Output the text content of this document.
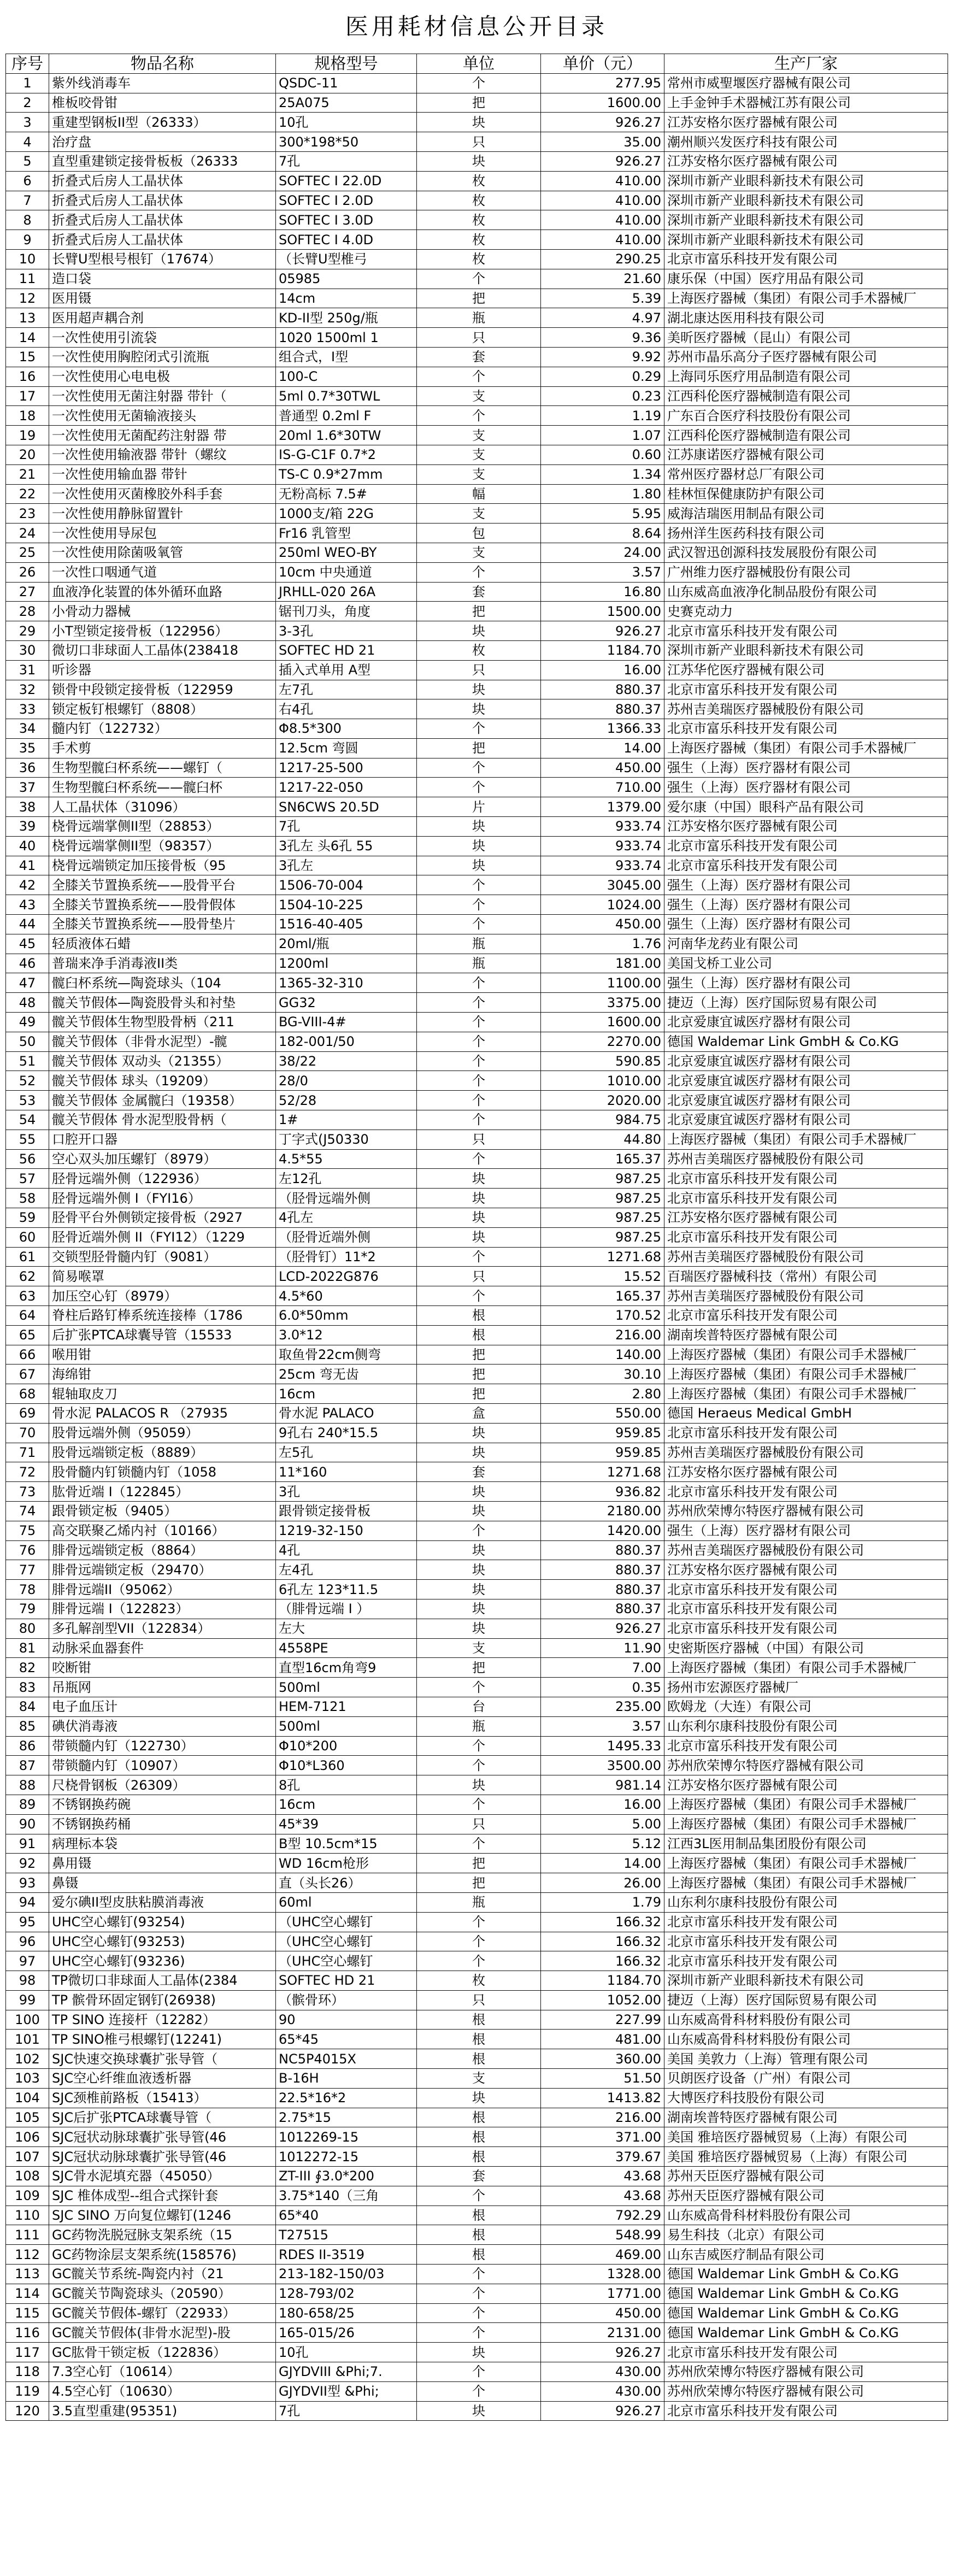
医用耗材信息公开目录
序号	物品名称	规格型号	单位	单价（元）	生产厂家
1	紫外线消毒车	QSDC-11	个	277.95	常州市威聖堰医疗器械有限公司
2	椎板咬骨钳	25A075	把	1600.00	上手金钟手术器械江苏有限公司
3	重建型钢板II型（26333）	10孔	块	926.27	江苏安格尔医疗器械有限公司
4	治疗盘	300*198*50	只	35.00	潮州顺兴发医疗科技有限公司
5	直型重建锁定接骨板板（26333	7孔	块	926.27	江苏安格尔医疗器械有限公司
6	折叠式后房人工晶状体	SOFTEC I 22.0D	枚	410.00	深圳市新产业眼科新技术有限公司
7	折叠式后房人工晶状体	SOFTEC I 2.0D	枚	410.00	深圳市新产业眼科新技术有限公司
8	折叠式后房人工晶状体	SOFTEC I 3.0D	枚	410.00	深圳市新产业眼科新技术有限公司
9	折叠式后房人工晶状体	SOFTEC I 4.0D	枚	410.00	深圳市新产业眼科新技术有限公司
10	长臂U型根号根钉（17674）	（长臂U型椎弓	枚	290.25	北京市富乐科技开发有限公司
11	造口袋	05985	个	21.60	康乐保（中国）医疗用品有限公司
12	医用镊	14cm	把	5.39	上海医疗器械（集团）有限公司手术器械厂
13	医用超声耦合剂	KD-II型 250g/瓶	瓶	4.97	湖北康达医用科技有限公司
14	一次性使用引流袋	1020 1500ml 1	只	9.36	美昕医疗器械（昆山）有限公司
15	一次性使用胸腔闭式引流瓶	组合式，I型	套	9.92	苏州市晶乐高分子医疗器械有限公司
16	一次性使用心电电极	100-C	个	0.29	上海同乐医疗用品制造有限公司
17	一次性使用无菌注射器 带针（	5ml 0.7*30TWL	支	0.23	江西科伦医疗器械制造有限公司
18	一次性使用无菌输液接头	普通型 0.2ml F	个	1.19	广东百合医疗科技股份有限公司
19	一次性使用无菌配药注射器 带	20ml 1.6*30TW	支	1.07	江西科伦医疗器械制造有限公司
20	一次性使用输液器 带针（螺纹	IS-G-C1F 0.7*2	支	0.60	江苏康诺医疗器械有限公司
21	一次性使用输血器 带针	TS-C 0.9*27mm	支	1.34	常州医疗器材总厂有限公司
22	一次性使用灭菌橡胶外科手套	无粉高标 7.5#	幅	1.80	桂林恒保健康防护有限公司
23	一次性使用静脉留置针	1000支/箱 22G	支	5.95	威海洁瑞医用制品有限公司
24	一次性使用导尿包	Fr16 乳管型	包	8.64	扬州洋生医药科技有限公司
25	一次性使用除菌吸氧管	250ml WEO-BY	支	24.00	武汉智迅创源科技发展股份有限公司
26	一次性口咽通气道	10cm 中央通道	个	3.57	广州维力医疗器械股份有限公司
27	血液净化装置的体外循环血路	JRHLL-020 26A	套	16.80	山东威高血液净化制品股份有限公司
28	小骨动力器械	锯刊刀头，角度	把	1500.00	史赛克动力
29	小T型锁定接骨板（122956）	3-3孔	块	926.27	北京市富乐科技开发有限公司
30	微切口非球面人工晶体(238418	SOFTEC HD 21	枚	1184.70	深圳市新产业眼科新技术有限公司
31	听诊器	插入式单用 A型	只	16.00	江苏华佗医疗器械有限公司
32	锁骨中段锁定接骨板（122959	左7孔	块	880.37	北京市富乐科技开发有限公司
33	锁定板钉根螺钉（8808）	右4孔	块	880.37	苏州吉美瑞医疗器械股份有限公司
34	髓内钉（122732）	Φ8.5*300	个	1366.33	北京市富乐科技开发有限公司
35	手术剪	12.5cm 弯圆	把	14.00	上海医疗器械（集团）有限公司手术器械厂
36	生物型髋臼杯系统——螺钉（	1217-25-500	个	450.00	强生（上海）医疗器材有限公司
37	生物型髋臼杯系统——髋臼杯	1217-22-050	个	710.00	强生（上海）医疗器材有限公司
38	人工晶状体（31096）	SN6CWS 20.5D	片	1379.00	爱尔康（中国）眼科产品有限公司
39	桡骨远端掌侧II型（28853）	7孔	块	933.74	江苏安格尔医疗器械有限公司
40	桡骨远端掌侧II型（98357）	3孔左 头6孔 55	块	933.74	北京市富乐科技开发有限公司
41	桡骨远端锁定加压接骨板（95	3孔左	块	933.74	北京市富乐科技开发有限公司
42	全膝关节置换系统——股骨平台	1506-70-004	个	3045.00	强生（上海）医疗器材有限公司
43	全膝关节置换系统——股骨假体	1504-10-225	个	1024.00	强生（上海）医疗器材有限公司
44	全膝关节置换系统——股骨垫片	1516-40-405	个	450.00	强生（上海）医疗器材有限公司
45	轻质液体石蜡	20ml/瓶	瓶	1.76	河南华龙药业有限公司
46	普瑞来净手消毒液II类	1200ml	瓶	181.00	美国戈桥工业公司
47	髋臼杯系统—陶瓷球头（104	1365-32-310	个	1100.00	强生（上海）医疗器材有限公司
48	髋关节假体—陶瓷股骨头和衬垫	GG32	个	3375.00	捷迈（上海）医疗国际贸易有限公司
49	髋关节假体生物型股骨柄（211	BG-VIII-4#	个	1600.00	北京爱康宜诚医疗器材有限公司
50	髋关节假体（非骨水泥型）-髋	182-001/50	个	2270.00	德国 Waldemar Link GmbH & Co.KG
51	髋关节假体 双动头（21355）	38/22	个	590.85	北京爱康宜诚医疗器材有限公司
52	髋关节假体 球头（19209）	28/0	个	1010.00	北京爱康宜诚医疗器材有限公司
53	髋关节假体 金属髋臼（19358）	52/28	个	2020.00	北京爱康宜诚医疗器材有限公司
54	髋关节假体 骨水泥型股骨柄（	1#	个	984.75	北京爱康宜诚医疗器材有限公司
55	口腔开口器	丁字式(J50330	只	44.80	上海医疗器械（集团）有限公司手术器械厂
56	空心双头加压螺钉（8979）	4.5*55	个	165.37	苏州吉美瑞医疗器械股份有限公司
57	胫骨远端外侧（122936）	左12孔	块	987.25	北京市富乐科技开发有限公司
58	胫骨远端外侧 I（FYI16）	（胫骨远端外侧	块	987.25	北京市富乐科技开发有限公司
59	胫骨平台外侧锁定接骨板（2927	4孔左	块	987.25	江苏安格尔医疗器械有限公司
60	胫骨近端外侧 II（FYI12）（1229	（胫骨近端外侧	块	987.25	北京市富乐科技开发有限公司
61	交锁型胫骨髓内钉（9081）	（胫骨钉）11*2	个	1271.68	苏州吉美瑞医疗器械股份有限公司
62	简易喉罩	LCD-2022G876	只	15.52	百瑞医疗器械科技（常州）有限公司
63	加压空心钉（8979）	4.5*60	个	165.37	苏州吉美瑞医疗器械股份有限公司
64	脊柱后路钉棒系统连接棒（1786	6.0*50mm	根	170.52	北京市富乐科技开发有限公司
65	后扩张PTCA球囊导管（15533	3.0*12	根	216.00	湖南埃普特医疗器械有限公司
66	喉用钳	取鱼骨22cm侧弯	把	140.00	上海医疗器械（集团）有限公司手术器械厂
67	海绵钳	25cm 弯无齿	把	30.10	上海医疗器械（集团）有限公司手术器械厂
68	辊轴取皮刀	16cm	把	2.80	上海医疗器械（集团）有限公司手术器械厂
69	骨水泥 PALACOS R （27935	骨水泥 PALACO	盒	550.00	德国 Heraeus Medical GmbH
70	股骨远端外侧（95059）	9孔右 240*15.5	块	959.85	北京市富乐科技开发有限公司
71	股骨远端锁定板（8889）	左5孔	块	959.85	苏州吉美瑞医疗器械股份有限公司
72	股骨髓内钉锁髓内钉（1058	11*160	套	1271.68	江苏安格尔医疗器械有限公司
73	肱骨近端 I（122845）	3孔	块	936.82	北京市富乐科技开发有限公司
74	跟骨锁定板（9405）	跟骨锁定接骨板	块	2180.00	苏州欣荣博尔特医疗器械有限公司
75	高交联聚乙烯内衬（10166）	1219-32-150	个	1420.00	强生（上海）医疗器材有限公司
76	腓骨远端锁定板（8864）	4孔	块	880.37	苏州吉美瑞医疗器械股份有限公司
77	腓骨远端锁定板（29470）	左4孔	块	880.37	江苏安格尔医疗器械有限公司
78	腓骨远端II（95062）	6孔左 123*11.5	块	880.37	北京市富乐科技开发有限公司
79	腓骨远端 I（122823）	（腓骨远端 I ）	块	880.37	北京市富乐科技开发有限公司
80	多孔解剖型VII（122834）	左大	块	926.27	北京市富乐科技开发有限公司
81	动脉采血器套件	4558PE	支	11.90	史密斯医疗器械（中国）有限公司
82	咬断钳	直型16cm角弯9	把	7.00	上海医疗器械（集团）有限公司手术器械厂
83	吊瓶网	500ml	个	0.35	扬州市宏源医疗器械厂
84	电子血压计	HEM-7121	台	235.00	欧姆龙（大连）有限公司
85	碘伏消毒液	500ml	瓶	3.57	山东利尔康科技股份有限公司
86	带锁髓内钉（122730）	Φ10*200	个	1495.33	北京市富乐科技开发有限公司
87	带锁髓内钉（10907）	Φ10*L360	个	3500.00	苏州欣荣博尔特医疗器械有限公司
88	尺桡骨钢板（26309）	8孔	块	981.14	江苏安格尔医疗器械有限公司
89	不锈钢换药碗	16cm	个	16.00	上海医疗器械（集团）有限公司手术器械厂
90	不锈钢换药桶	45*39	只	5.00	上海医疗器械（集团）有限公司手术器械厂
91	病理标本袋	B型 10.5cm*15	个	5.12	江西3L医用制品集团股份有限公司
92	鼻用镊	WD 16cm枪形	把	14.00	上海医疗器械（集团）有限公司手术器械厂
93	鼻镊	直（头长26）	把	26.00	上海医疗器械（集团）有限公司手术器械厂
94	爱尔碘II型皮肤粘膜消毒液	60ml	瓶	1.79	山东利尔康科技股份有限公司
95	UHC空心螺钉(93254)	（UHC空心螺钉	个	166.32	北京市富乐科技开发有限公司
96	UHC空心螺钉(93253)	（UHC空心螺钉	个	166.32	北京市富乐科技开发有限公司
97	UHC空心螺钉(93236)	（UHC空心螺钉	个	166.32	北京市富乐科技开发有限公司
98	TP微切口非球面人工晶体(2384	SOFTEC HD 21	枚	1184.70	深圳市新产业眼科新技术有限公司
99	TP 髌骨环固定钢钉(26938)	（髌骨环）	只	1052.00	捷迈（上海）医疗国际贸易有限公司
100	TP SINO 连接杆（12282）	90	根	227.99	山东威高骨科材料股份有限公司
101	TP SINO椎弓根螺钉(12241)	65*45	根	481.00	山东威高骨科材料股份有限公司
102	SJC快速交换球囊扩张导管（	NC5P4015X	根	360.00	美国 美敦力（上海）管理有限公司
103	SJC空心纤维血液透析器	B-16H	支	51.50	贝朗医疗设备（广州）有限公司
104	SJC颈椎前路板（15413）	22.5*16*2	块	1413.82	大博医疗科技股份有限公司
105	SJC后扩张PTCA球囊导管（	2.75*15	根	216.00	湖南埃普特医疗器械有限公司
106	SJC冠状动脉球囊扩张导管(46	1012269-15	根	371.00	美国 雅培医疗器械贸易（上海）有限公司
107	SJC冠状动脉球囊扩张导管(46	1012272-15	根	379.67	美国 雅培医疗器械贸易（上海）有限公司
108	SJC骨水泥填充器（45050）	ZT-III ∮3.0*200	套	43.68	苏州天臣医疗器械有限公司
109	SJC 椎体成型--组合式探针套	3.75*140（三角	个	43.68	苏州天臣医疗器械有限公司
110	SJC SINO 万向复位螺钉(1246	65*40	根	792.29	山东威高骨科材料股份有限公司
111	GC药物洗脱冠脉支架系统（15	T27515	根	548.99	易生科技（北京）有限公司
112	GC药物涂层支架系统(158576)	RDES II-3519	根	469.00	山东吉威医疗制品有限公司
113	GC髋关节系统-陶瓷内衬（21	213-182-150/03	个	1328.00	德国 Waldemar Link GmbH & Co.KG
114	GC髋关节陶瓷球头（20590）	128-793/02	个	1771.00	德国 Waldemar Link GmbH & Co.KG
115	GC髋关节假体-螺钉（22933）	180-658/25	个	450.00	德国 Waldemar Link GmbH & Co.KG
116	GC髋关节假体(非骨水泥型)-股	165-015/26	个	2131.00	德国 Waldemar Link GmbH & Co.KG
117	GC肱骨干锁定板（122836）	10孔	块	926.27	北京市富乐科技开发有限公司
118	7.3空心钉（10614）	GJYDVIII &Phi;7.	个	430.00	苏州欣荣博尔特医疗器械有限公司
119	4.5空心钉（10630）	GJYDVII型 &Phi;	个	430.00	苏州欣荣博尔特医疗器械有限公司
120	3.5直型重建(95351)	7孔	块	926.27	北京市富乐科技开发有限公司
